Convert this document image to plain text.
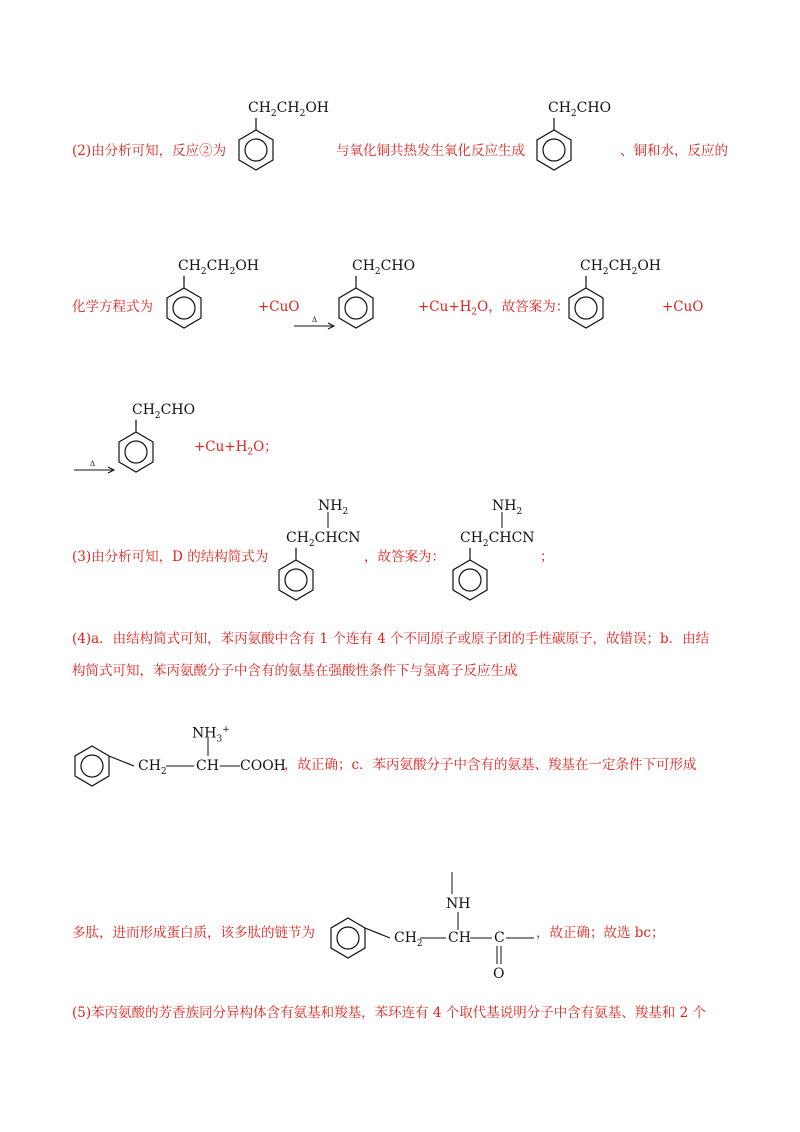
(2)由分析可知，反应②为
$CH_2CH_2OH$
与氧化铜共热发生氧化反应生成
$CH_2CHO$
、铜和水，反应的
化学方程式为
$CH_2CH_2OH$
+CuO
Δ
$CH_2CHO$
$+Cu+H_2O$，故答案为：
$CH_2CH_2OH$
+CuO
Δ
$CH_2CHO$
$+Cu+H_2O$；
(3)由分析可知，D 的结构简式为
$NH_2$
$CH_2CHCN$
，故答案为：
$NH_2$
$CH_2CHCN$
；
(4)a．由结构简式可知，苯丙氨酸中含有 1 个连有 4 个不同原子或原子团的手性碳原子，故错误；b．由结
构简式可知，苯丙氨酸分子中含有的氨基在强酸性条件下与氢离子反应生成
$CH_2$ CH COOH
$NH_3^+$
，故正确；c．苯丙氨酸分子中含有的氨基、羧基在一定条件下可形成
多肽，进而形成蛋白质，该多肽的链节为	$CH_2$ CH C
O
NH
，故正确；故选 bc；
(5)苯丙氨酸的芳香族同分异构体含有氨基和羧基，苯环连有 4 个取代基说明分子中含有氨基、羧基和 2 个
